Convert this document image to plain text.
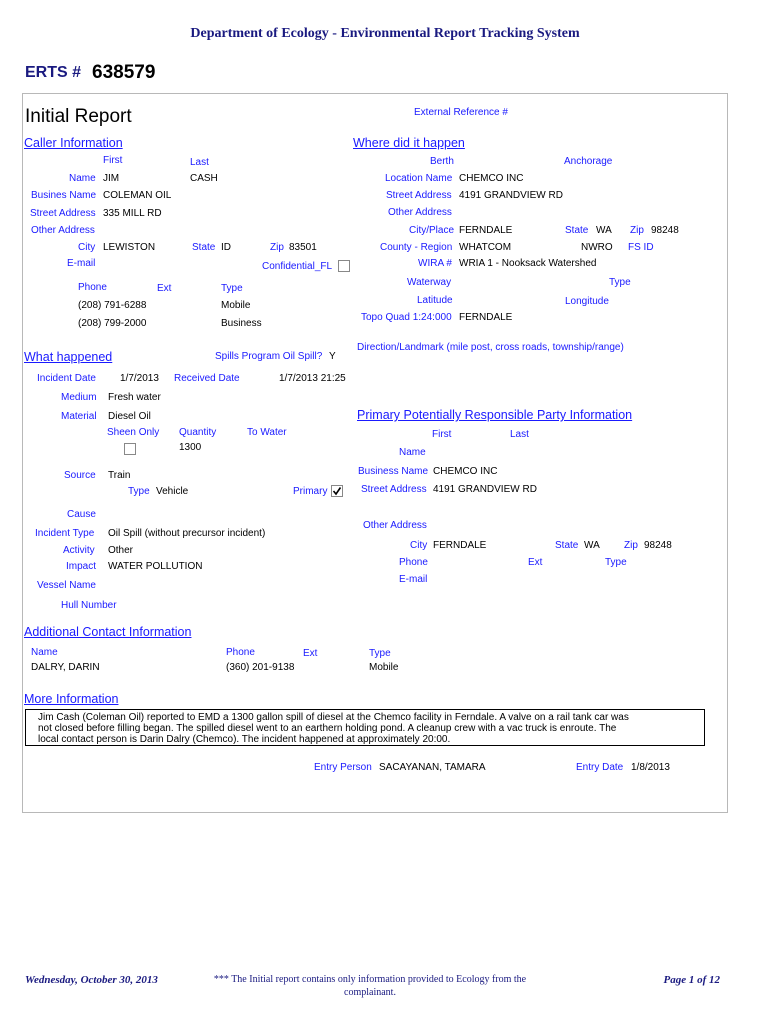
Department of Ecology - Environmental Report Tracking System
ERTS # 638579
Initial Report	External Reference #
Caller Information
First	Last
Name JIM	CASH
Busines Name COLEMAN OIL
Street Address 335 MILL RD
Other Address
City LEWISTON	State ID	Zip 83501
E-mail	Confidential_FL
Phone	Ext	Type
(208) 791-6288	Mobile
(208) 799-2000	Business
Where did it happen
Berth	Anchorage
Location Name CHEMCO INC
Street Address 4191 GRANDVIEW RD
Other Address
City/Place FERNDALE	State WA Zip 98248
County - Region WHATCOM	NWRO FS ID
WIRA # WRIA 1 - Nooksack Watershed
Waterway	Type
Latitude	Longitude
Topo Quad 1:24:000 FERNDALE
Direction/Landmark (mile post, cross roads, township/range)
What happened	Spills Program Oil Spill? Y
Incident Date 1/7/2013 Received Date	1/7/2013 21:25
Medium Fresh water
Material Diesel Oil
Sheen Only Quantity	To Water
1300
Source Train
Type Vehicle	Primary
Cause
Incident Type Oil Spill (without precursor incident)
Activity Other
Impact WATER POLLUTION
Vessel Name
Hull Number
Primary Potentially Responsible Party Information
First	Last
Name
Business Name CHEMCO INC
Street Address 4191 GRANDVIEW RD
Other Address
City FERNDALE	State WA Zip 98248
Phone	Ext	Type
E-mail
Additional Contact Information
Name	Phone	Ext	Type
DALRY, DARIN	(360) 201-9138	Mobile
More Information
Jim Cash (Coleman Oil) reported to EMD a 1300 gallon spill of diesel at the Chemco facility in Ferndale. A valve on a rail tank car was
not closed before filling began. The spilled diesel went to an earthern holding pond. A cleanup crew with a vac truck is enroute. The
local contact person is Darin Dalry (Chemco). The incident happened at approximately 20:00.
Entry Person SACAYANAN, TAMARA	Entry Date 1/8/2013
Wednesday, October 30, 2013	*** The Initial report contains only information provided to Ecology from the
complainant.
Page 1 of 12
